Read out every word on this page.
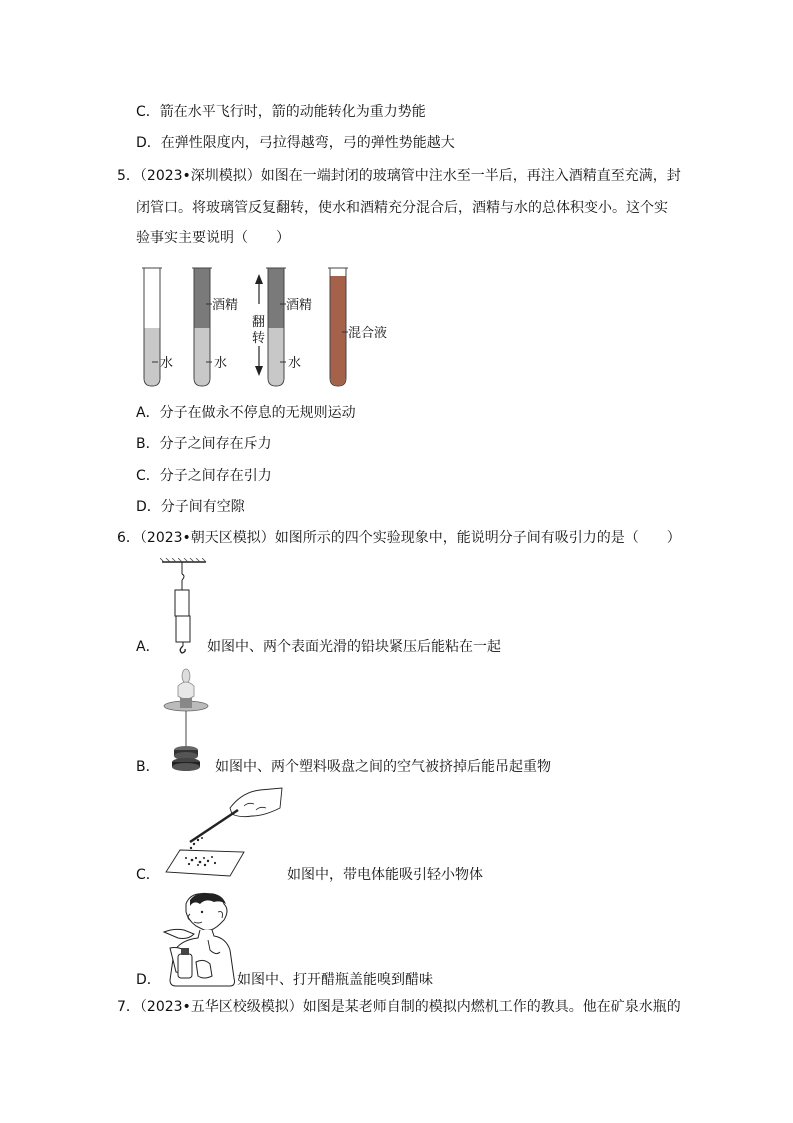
C．箭在水平飞行时，箭的动能转化为重力势能
D．在弹性限度内，弓拉得越弯，弓的弹性势能越大
5．（2023•深圳模拟）如图在一端封闭的玻璃管中注水至一半后，再注入酒精直至充满，封
闭管口。将玻璃管反复翻转，使水和酒精充分混合后，酒精与水的总体积变小。这个实
验事实主要说明（　　）
水
酒精
水
翻转
酒精
水
混合液
A．分子在做永不停息的无规则运动
B．分子之间存在斥力
C．分子之间存在引力
D．分子间有空隙
6．（2023•朝天区模拟）如图所示的四个实验现象中，能说明分子间有吸引力的是（　　）
A．	如图中、两个表面光滑的铅块紧压后能粘在一起
B．	如图中、两个塑料吸盘之间的空气被挤掉后能吊起重物
C．	如图中，带电体能吸引轻小物体
D．	如图中、打开醋瓶盖能嗅到醋味
7．（2023•五华区校级模拟）如图是某老师自制的模拟内燃机工作的教具。他在矿泉水瓶的
